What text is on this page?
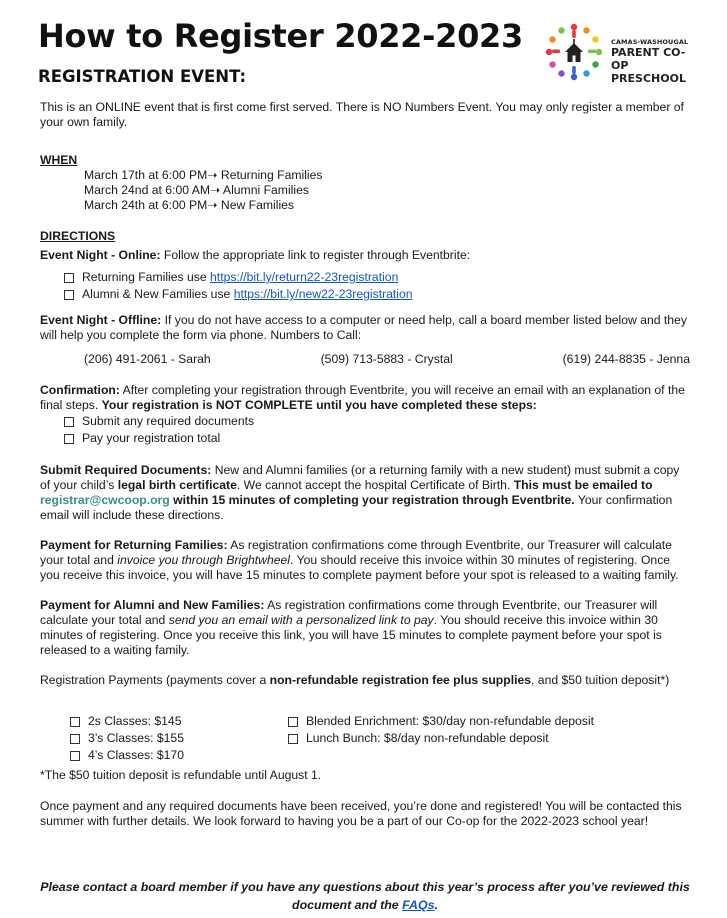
How to Register 2022-2023
REGISTRATION EVENT:
CAMAS-WASHOUGAL
PARENT CO-OP
PRESCHOOL

This is an ONLINE event that is first come first served. There is NO Numbers Event. You may only register a member of your own family.

WHEN

March 17th at 6:00 PM➝ Returning Families

March 24nd at 6:00 AM➝ Alumni Families

March 24th at 6:00 PM➝ New Families

DIRECTIONS

Event Night - Online: Follow the appropriate link to register through Eventbrite:

Returning Families use
https://bit.ly/return22-23registration
Alumni & New Families use
https://bit.ly/new22-23registration

Event Night - Offline: If you do not have access to a computer or need help, call a board member listed below and they will help you complete the form via phone. Numbers to Call:

(206) 491-2061 - Sarah	(509) 713-5883 - Crystal	(619) 244-8835 - Jenna

Confirmation: After completing your registration through Eventbrite, you will receive an email with an explanation of the final steps. Your registration is NOT COMPLETE until you have completed these steps:

Submit any required documents
Pay your registration total

Submit Required Documents: New and Alumni families (or a returning family with a new student) must submit a copy of your child’s legal birth certificate. We cannot accept the hospital Certificate of Birth. This must be emailed to registrar@cwcoop.org within 15 minutes of completing your registration through Eventbrite. Your confirmation email will include these directions.

Payment for Returning Families: As registration confirmations come through Eventbrite, our Treasurer will calculate your total and invoice you through Brightwheel. You should receive this invoice within 30 minutes of registering. Once you receive this invoice, you will have 15 minutes to complete payment before your spot is released to a waiting family.

Payment for Alumni and New Families: As registration confirmations come through Eventbrite, our Treasurer will calculate your total and send you an email with a personalized link to pay. You should receive this invoice within 30 minutes of registering. Once you receive this link, you will have 15 minutes to complete payment before your spot is released to a waiting family.

Registration Payments (payments cover a non-refundable registration fee plus supplies, and $50 tuition deposit*)

2s Classes: $145
3’s Classes: $155
4’s Classes: $170
Blended Enrichment: $30/day non-refundable deposit
Lunch Bunch: $8/day non-refundable deposit

*The $50 tuition deposit is refundable until August 1.

Once payment and any required documents have been received, you’re done and registered! You will be contacted this summer with further details. We look forward to having you be a part of our Co-op for the 2022-2023 school year!

Please contact a board member if you have any questions about this year’s process after you’ve reviewed this document and the FAQs.
